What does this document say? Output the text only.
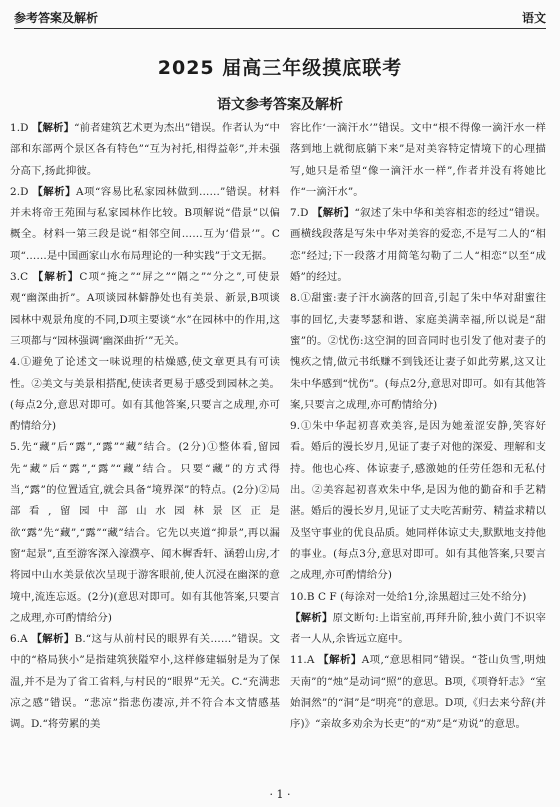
参考答案及解析	语文
2025 届高三年级摸底联考
语文参考答案及解析

1.D 【解析】“前者建筑艺术更为杰出”错误。作者认为“中部和东部两个景区各有特色”“互为衬托,相得益彰”,并未强分高下,扬此抑彼。

2.D 【解析】A项“容易比私家园林做到……”错误。材料并未将帝王苑囿与私家园林作比较。B项解说“借景”以偏概全。材料一第三段是说“相邻空间……互为‘借景’”。C项“……是中国画家山水布局理论的一种实践”于文无据。

3.C 【解析】C项“掩之”“屏之”“隔之”“分之”,可使景观“幽深曲折”。A项谈园林僻静处也有美景、新景,B项谈园林中观景角度的不同,D项主要谈“水”在园林中的作用,这三项都与“园林强调‘幽深曲折’”无关。

4.①避免了论述文一味说理的枯燥感,使文章更具有可读性。②美文与美景相搭配,使读者更易于感受到园林之美。(每点2分,意思对即可。如有其他答案,只要言之成理,亦可酌情给分)

5.先“藏”后“露”,“露”“藏”结合。(2分)①整体看,留园先“藏”后“露”,“露”“藏”结合。只要“藏”的方式得当,“露”的位置适宜,就会具备“境界深”的特点。(2分)②局部看,留园中部山水园林景区正是欲“露”先“藏”,“露”“藏”结合。它先以夹道“抑景”,再以漏窗“起景”,直至游客深入濠濮亭、闻木樨香轩、涵碧山房,才将园中山水美景依次呈现于游客眼前,使人沉浸在幽深的意境中,流连忘返。(2分)(意思对即可。如有其他答案,只要言之成理,亦可酌情给分)

6.A 【解析】B.“这与从前村民的眼界有关……”错误。文中的“格局狭小”是指建筑狭隘窄小,这样修建辐射是为了保温,并不是为了省工省料,与村民的“眼界”无关。C.“充满悲凉之感”错误。“悲凉”指悲伤凄凉,并不符合本文情感基调。D.“将劳累的美

容比作‘一滴汗水’”错误。文中“根不得像一滴汗水一样落到地上就彻底躺下来”是对美容特定情境下的心理描写,她只是希望“像一滴汗水一样”,作者并没有将她比作“一滴汗水”。

7.D 【解析】“叙述了朱中华和美容相恋的经过”错误。画横线段落是写朱中华对美容的爱恋,不是写二人的“相恋”经过;下一段落才用简笔勾勒了二人“相恋”以至“成婚”的经过。

8.①甜蜜:妻子汗水滴落的回音,引起了朱中华对甜蜜往事的回忆,夫妻琴瑟和谐、家庭美满幸福,所以说是“甜蜜”的。②忧伤:这空洞的回音同时也引发了他对妻子的愧疚之情,做元书纸赚不到钱还让妻子如此劳累,这又让朱中华感到“忧伤”。(每点2分,意思对即可。如有其他答案,只要言之成理,亦可酌情给分)

9.①朱中华起初喜欢美容,是因为她羞涩安静,笑容好看。婚后的漫长岁月,见证了妻子对他的深爱、理解和支持。他也心疼、体谅妻子,感激她的任劳任怨和无私付出。②美容起初喜欢朱中华,是因为他的勤奋和手艺精湛。婚后的漫长岁月,见证了丈夫吃苦耐劳、精益求精以及坚守事业的优良品质。她同样体谅丈夫,默默地支持他的事业。(每点3分,意思对即可。如有其他答案,只要言之成理,亦可酌情给分)

10.B C F (每涂对一处给1分,涂黑超过三处不给分)

【解析】原文断句:上诣室前,再拜升阶,独小黄门不识宰者一人从,余皆远立庭中。

11.A 【解析】A项,“意思相同”错误。“苍山负雪,明烛天南”的“烛”是动词“照”的意思。B项,《项脊轩志》“室始洞然”的“洞”是“明亮”的意思。D项,《归去来兮辞(并序)》“亲故多劝余为长吏”的“劝”是“劝说”的意思。

· 1 ·
